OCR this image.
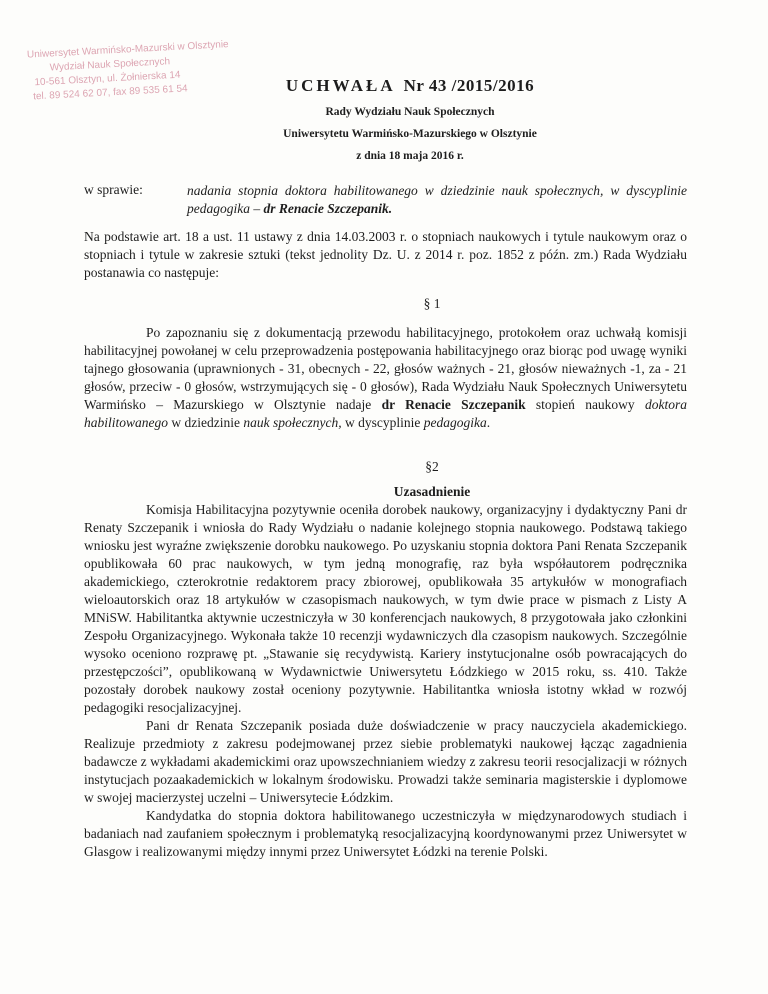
Uniwersytet Warmińsko-Mazurski w Olsztynie
Wydział Nauk Społecznych
10-561 Olsztyn, ul. Żołnierska 14
tel. 89 524 62 07, fax 89 535 61 54	UCHWAŁA Nr 43 /2015/2016
Rady Wydziału Nauk Społecznych
Uniwersytetu Warmińsko-Mazurskiego w Olsztynie
z dnia 18 maja 2016 r.
w sprawie:	nadania stopnia doktora habilitowanego w dziedzinie nauk społecznych, w dyscyplinie pedagogika – dr Renacie Szczepanik.
Na podstawie art. 18 a ust. 11 ustawy z dnia 14.03.2003 r. o stopniach naukowych i tytule naukowym oraz o stopniach i tytule w zakresie sztuki (tekst jednolity Dz. U. z 2014 r. poz. 1852 z późn. zm.) Rada Wydziału postanawia co następuje:
§ 1
Po zapoznaniu się z dokumentacją przewodu habilitacyjnego, protokołem oraz uchwałą komisji habilitacyjnej powołanej w celu przeprowadzenia postępowania habilitacyjnego oraz biorąc pod uwagę wyniki tajnego głosowania (uprawnionych - 31, obecnych - 22, głosów ważnych - 21, głosów nieważnych -1, za - 21 głosów, przeciw - 0 głosów, wstrzymujących się - 0 głosów), Rada Wydziału Nauk Społecznych Uniwersytetu Warmińsko – Mazurskiego w Olsztynie nadaje dr Renacie Szczepanik stopień naukowy doktora habilitowanego w dziedzinie nauk społecznych, w dyscyplinie pedagogika.
§2
Uzasadnienie

Komisja Habilitacyjna pozytywnie oceniła dorobek naukowy, organizacyjny i dydaktyczny Pani dr Renaty Szczepanik i wniosła do Rady Wydziału o nadanie kolejnego stopnia naukowego. Podstawą takiego wniosku jest wyraźne zwiększenie dorobku naukowego. Po uzyskaniu stopnia doktora Pani Renata Szczepanik opublikowała 60 prac naukowych, w tym jedną monografię, raz była współautorem podręcznika akademickiego, czterokrotnie redaktorem pracy zbiorowej, opublikowała 35 artykułów w monografiach wieloautorskich oraz 18 artykułów w czasopismach naukowych, w tym dwie prace w pismach z Listy A MNiSW. Habilitantka aktywnie uczestniczyła w 30 konferencjach naukowych, 8 przygotowała jako członkini Zespołu Organizacyjnego. Wykonała także 10 recenzji wydawniczych dla czasopism naukowych. Szczególnie wysoko oceniono rozprawę pt. „Stawanie się recydywistą. Kariery instytucjonalne osób powracających do przestępczości”, opublikowaną w Wydawnictwie Uniwersytetu Łódzkiego w 2015 roku, ss. 410. Także pozostały dorobek naukowy został oceniony pozytywnie. Habilitantka wniosła istotny wkład w rozwój pedagogiki resocjalizacyjnej.

Pani dr Renata Szczepanik posiada duże doświadczenie w pracy nauczyciela akademickiego. Realizuje przedmioty z zakresu podejmowanej przez siebie problematyki naukowej łącząc zagadnienia badawcze z wykładami akademickimi oraz upowszechnianiem wiedzy z zakresu teorii resocjalizacji w różnych instytucjach pozaakademickich w lokalnym środowisku. Prowadzi także seminaria magisterskie i dyplomowe w swojej macierzystej uczelni – Uniwersytecie Łódzkim.

Kandydatka do stopnia doktora habilitowanego uczestniczyła w międzynarodowych studiach i badaniach nad zaufaniem społecznym i problematyką resocjalizacyjną koordynowanymi przez Uniwersytet w Glasgow i realizowanymi między innymi przez Uniwersytet Łódzki na terenie Polski.
